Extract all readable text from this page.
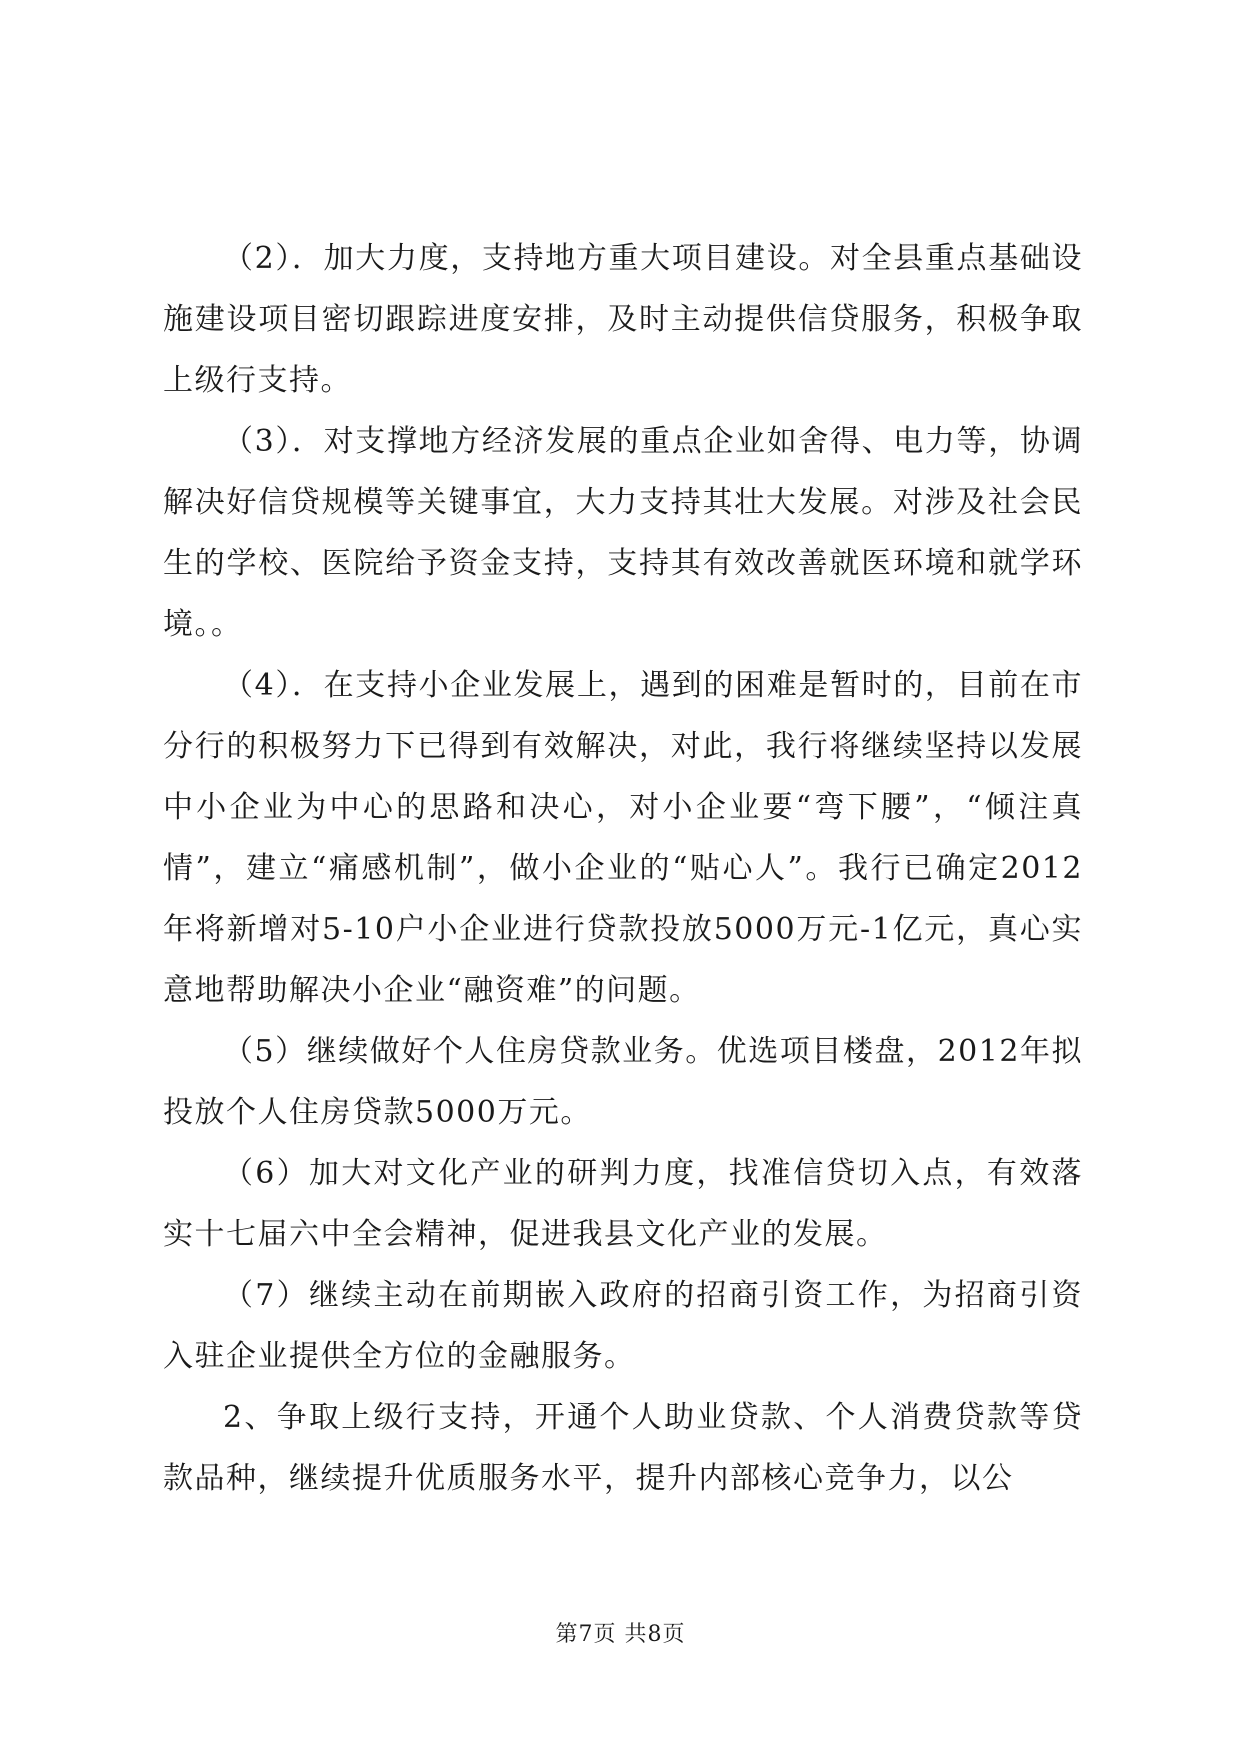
（2）．加大力度，支持地方重大项目建设。对全县重点基础设施建设项目密切跟踪进度安排，及时主动提供信贷服务，积极争取上级行支持。

（3）．对支撑地方经济发展的重点企业如舍得、电力等，协调解决好信贷规模等关键事宜，大力支持其壮大发展。对涉及社会民生的学校、医院给予资金支持，支持其有效改善就医环境和就学环境。。

（4）．在支持小企业发展上，遇到的困难是暂时的，目前在市分行的积极努力下已得到有效解决，对此，我行将继续坚持以发展中小企业为中心的思路和决心，对小企业要“弯下腰”，“倾注真情”，建立“痛感机制”，做小企业的“贴心人”。我行已确定2012年将新增对5-10户小企业进行贷款投放5000万元-1亿元，真心实意地帮助解决小企业“融资难”的问题。

（5）继续做好个人住房贷款业务。优选项目楼盘，2012年拟投放个人住房贷款5000万元。

（6）加大对文化产业的研判力度，找准信贷切入点，有效落实十七届六中全会精神，促进我县文化产业的发展。

（7）继续主动在前期嵌入政府的招商引资工作，为招商引资入驻企业提供全方位的金融服务。

2、争取上级行支持，开通个人助业贷款、个人消费贷款等贷款品种，继续提升优质服务水平，提升内部核心竞争力，以公

第7页 共8页
